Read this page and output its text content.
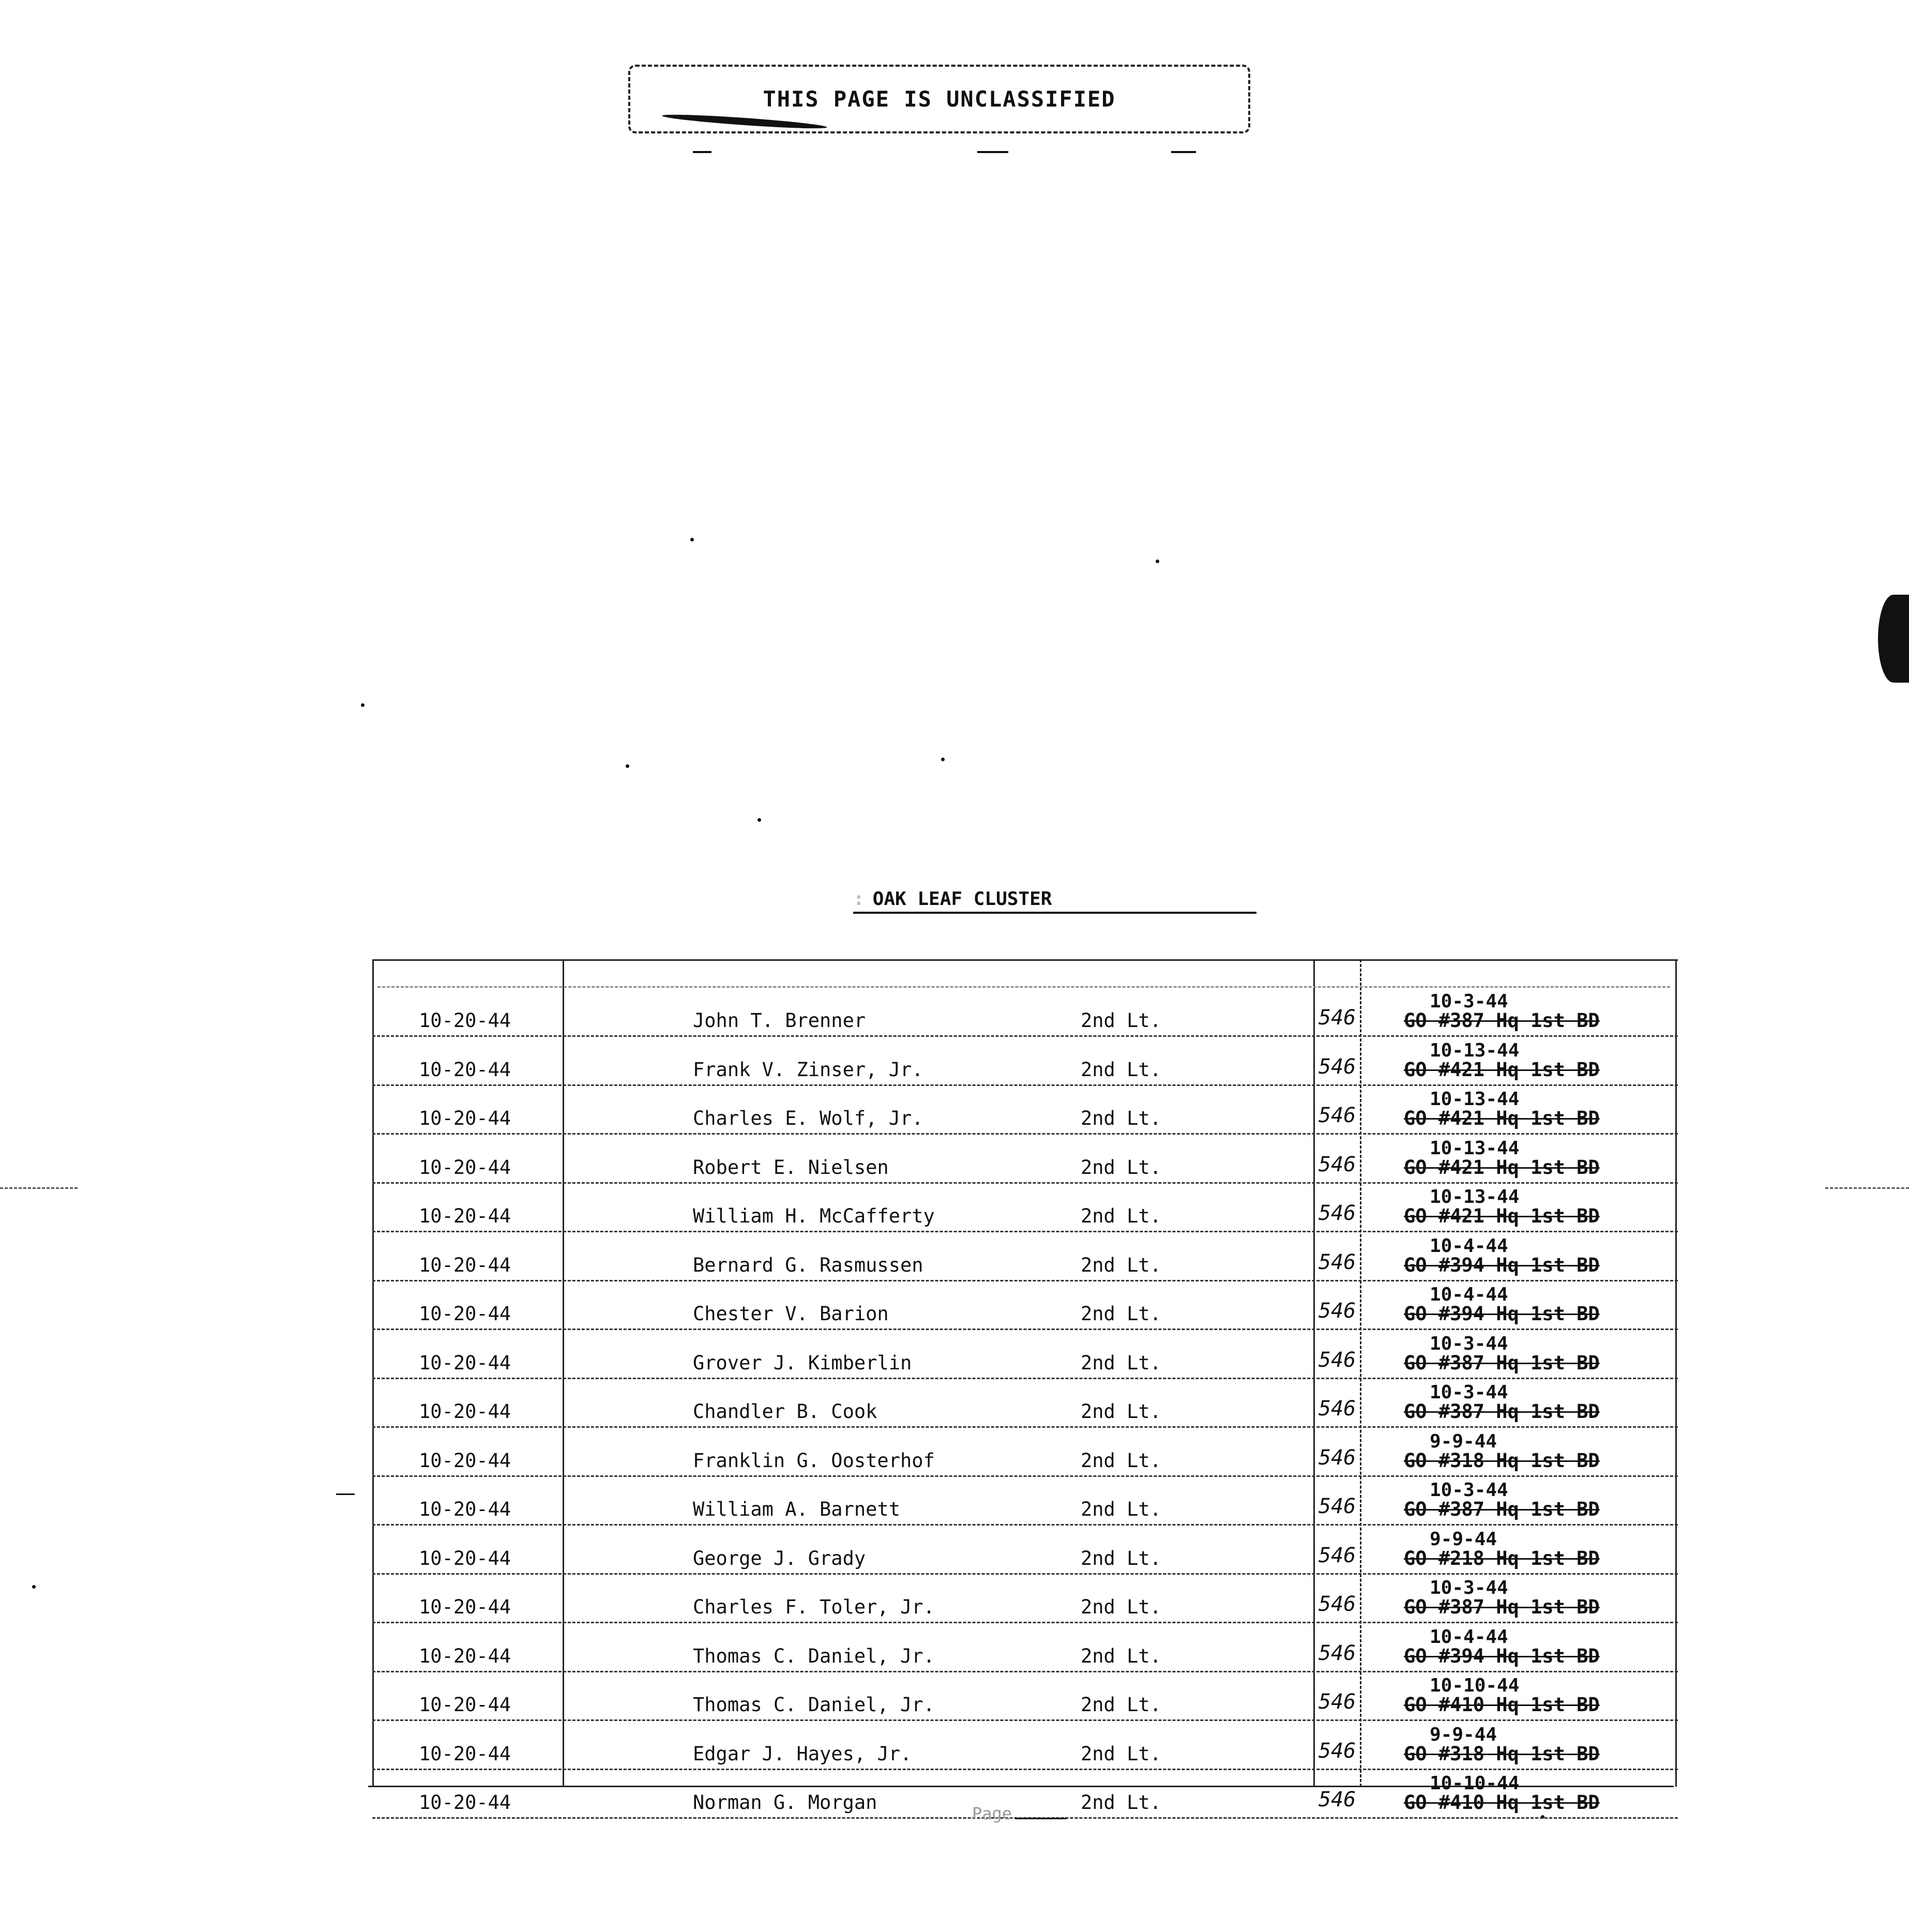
THIS PAGE IS UNCLASSIFIED
: OAK LEAF CLUSTER
10-20-44	John T. Brenner	2nd Lt.	546
10-3-44
GO #387 Hq 1st BD
10-20-44	Frank V. Zinser, Jr.	2nd Lt.	546
10-13-44
GO #421 Hq 1st BD
10-20-44	Charles E. Wolf, Jr.	2nd Lt.	546
10-13-44
GO #421 Hq 1st BD
10-20-44	Robert E. Nielsen	2nd Lt.	546
10-13-44
GO #421 Hq 1st BD
10-20-44	William H. McCafferty	2nd Lt.	546
10-13-44
GO #421 Hq 1st BD
10-20-44	Bernard G. Rasmussen	2nd Lt.	546
10-4-44
GO #394 Hq 1st BD
10-20-44	Chester V. Barion	2nd Lt.	546
10-4-44
GO #394 Hq 1st BD
10-20-44	Grover J. Kimberlin	2nd Lt.	546
10-3-44
GO #387 Hq 1st BD
10-20-44	Chandler B. Cook	2nd Lt.	546
10-3-44
GO #387 Hq 1st BD
10-20-44	Franklin G. Oosterhof	2nd Lt.	546
9-9-44
GO #318 Hq 1st BD
10-20-44	William A. Barnett	2nd Lt.	546
10-3-44
GO #387 Hq 1st BD
10-20-44	George J. Grady	2nd Lt.	546
9-9-44
GO #218 Hq 1st BD
10-20-44	Charles F. Toler, Jr.	2nd Lt.	546
10-3-44
GO #387 Hq 1st BD
10-20-44	Thomas C. Daniel, Jr.	2nd Lt.	546
10-4-44
GO #394 Hq 1st BD
10-20-44	Thomas C. Daniel, Jr.	2nd Lt.	546
10-10-44
GO #410 Hq 1st BD
10-20-44	Edgar J. Hayes, Jr.	2nd Lt.	546
9-9-44
GO #318 Hq 1st BD
10-20-44	Norman G. Morgan	2nd Lt.	546
10-10-44
GO #410 Hq 1st BD
Page
